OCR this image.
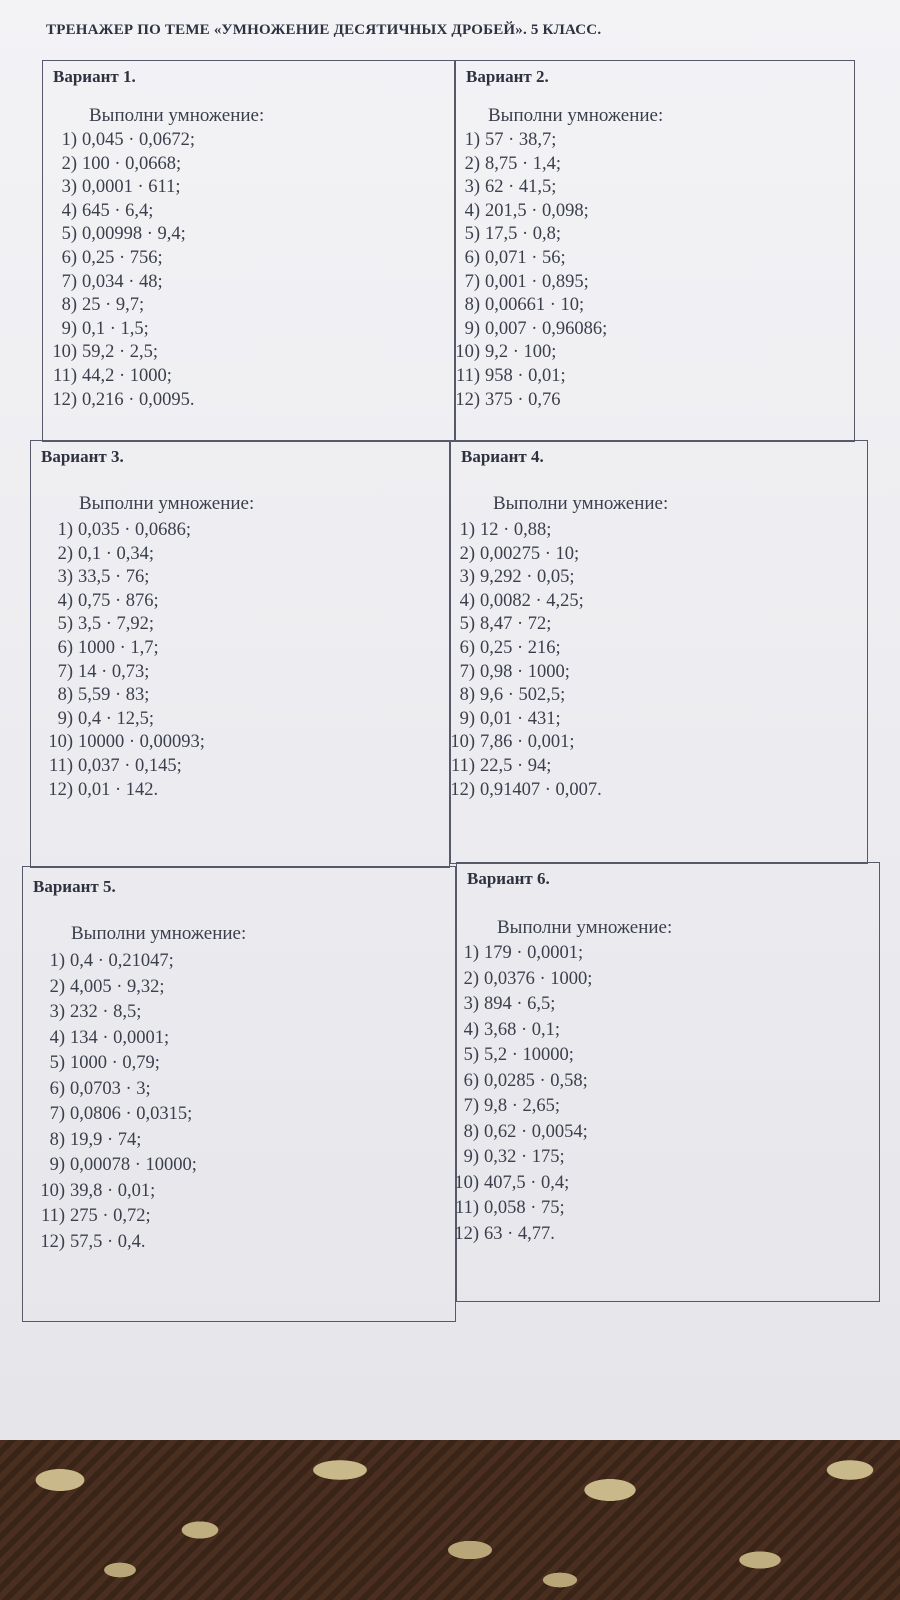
ТРЕНАЖЕР ПО ТЕМЕ «УМНОЖЕНИЕ ДЕСЯТИЧНЫХ ДРОБЕЙ». 5 КЛАСС.
Вариант 1.
Выполни умножение:
1) 0,045 · 0,0672;
2) 100 · 0,0668;
3) 0,0001 · 611;
4) 645 · 6,4;
5) 0,00998 · 9,4;
6) 0,25 · 756;
7) 0,034 · 48;
8) 25 · 9,7;
9) 0,1 · 1,5;
10) 59,2 · 2,5;
11) 44,2 · 1000;
12) 0,216 · 0,0095.
Вариант 2.
Выполни умножение:
1) 57 · 38,7;
2) 8,75 · 1,4;
3) 62 · 41,5;
4) 201,5 · 0,098;
5) 17,5 · 0,8;
6) 0,071 · 56;
7) 0,001 · 0,895;
8) 0,00661 · 10;
9) 0,007 · 0,96086;
10) 9,2 · 100;
11) 958 · 0,01;
12) 375 · 0,76
Вариант 3.
Выполни умножение:
1) 0,035 · 0,0686;
2) 0,1 · 0,34;
3) 33,5 · 76;
4) 0,75 · 876;
5) 3,5 · 7,92;
6) 1000 · 1,7;
7) 14 · 0,73;
8) 5,59 · 83;
9) 0,4 · 12,5;
10) 10000 · 0,00093;
11) 0,037 · 0,145;
12) 0,01 · 142.
Вариант 4.
Выполни умножение:
1) 12 · 0,88;
2) 0,00275 · 10;
3) 9,292 · 0,05;
4) 0,0082 · 4,25;
5) 8,47 · 72;
6) 0,25 · 216;
7) 0,98 · 1000;
8) 9,6 · 502,5;
9) 0,01 · 431;
10) 7,86 · 0,001;
11) 22,5 · 94;
12) 0,91407 · 0,007.
Вариант 5.
Выполни умножение:
1) 0,4 · 0,21047;
2) 4,005 · 9,32;
3) 232 · 8,5;
4) 134 · 0,0001;
5) 1000 · 0,79;
6) 0,0703 · 3;
7) 0,0806 · 0,0315;
8) 19,9 · 74;
9) 0,00078 · 10000;
10) 39,8 · 0,01;
11) 275 · 0,72;
12) 57,5 · 0,4.
Вариант 6.
Выполни умножение:
1) 179 · 0,0001;
2) 0,0376 · 1000;
3) 894 · 6,5;
4) 3,68 · 0,1;
5) 5,2 · 10000;
6) 0,0285 · 0,58;
7) 9,8 · 2,65;
8) 0,62 · 0,0054;
9) 0,32 · 175;
10) 407,5 · 0,4;
11) 0,058 · 75;
12) 63 · 4,77.
